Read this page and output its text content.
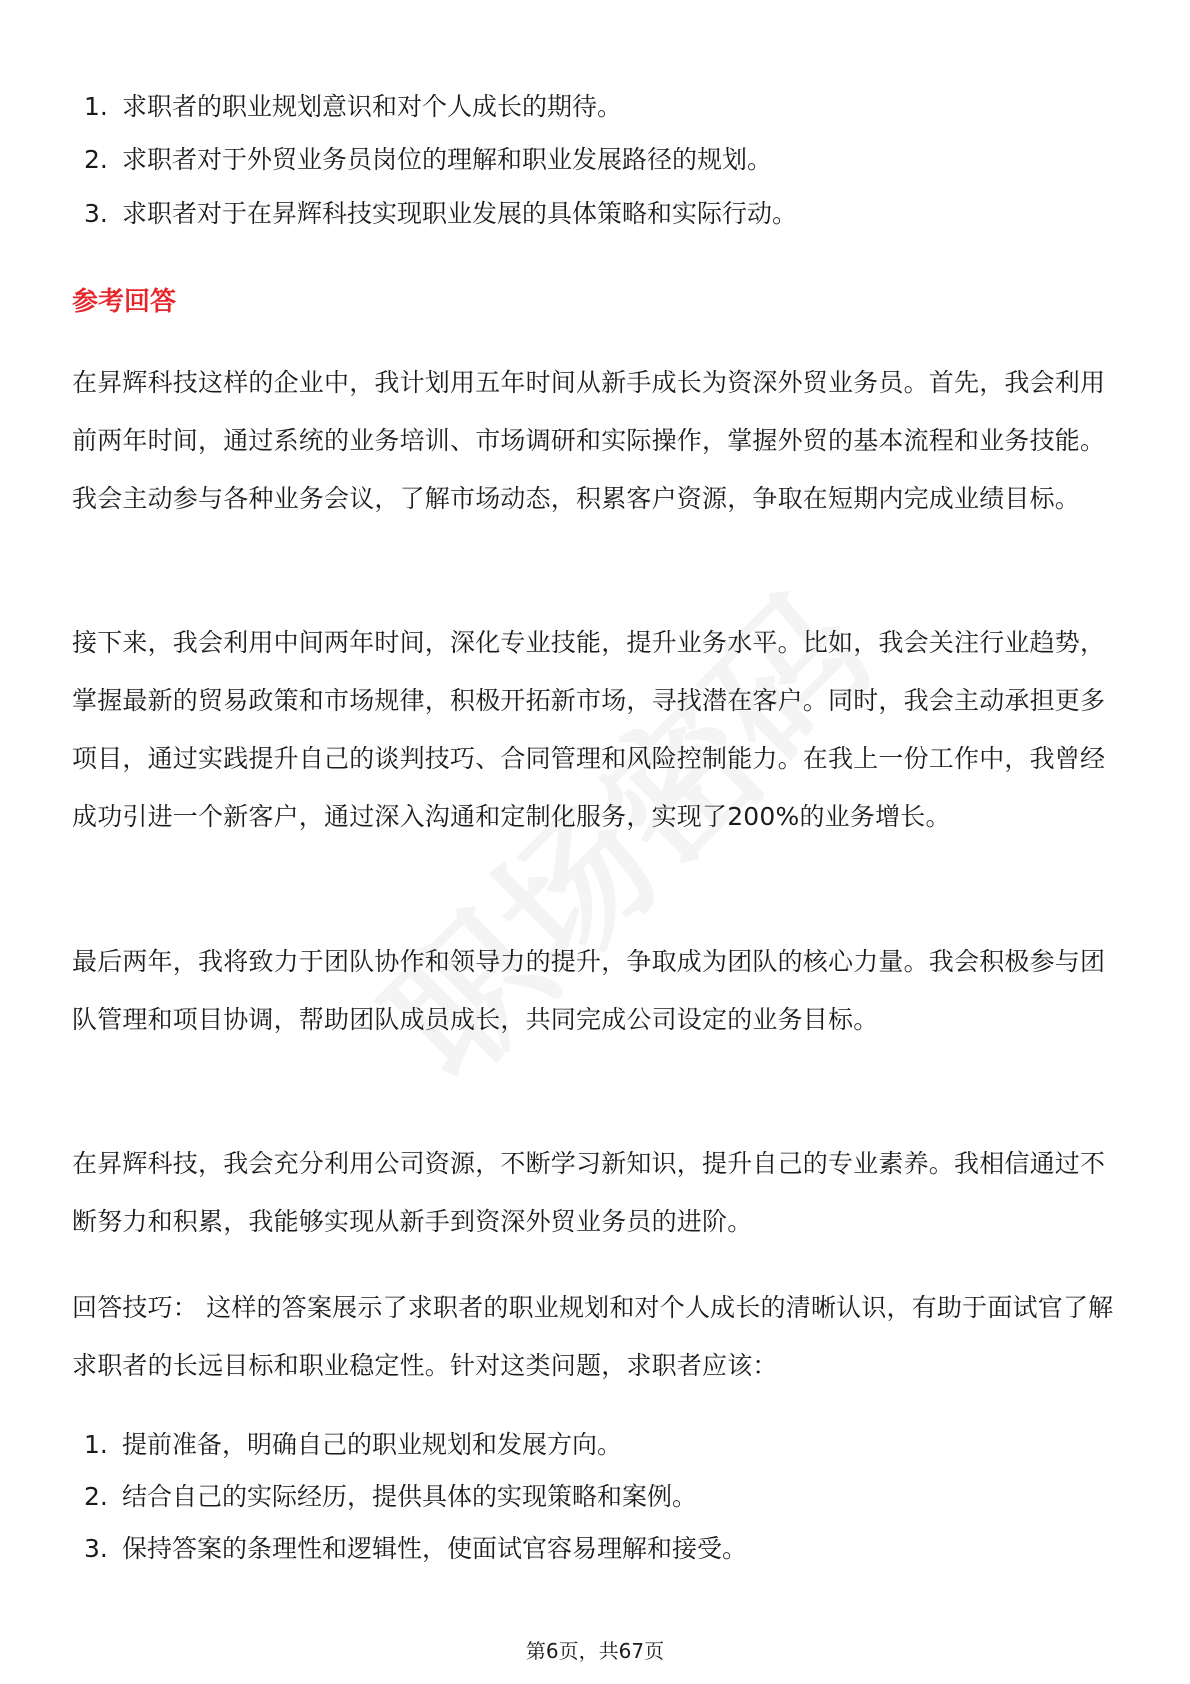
1. 求职者的职业规划意识和对个人成长的期待。
2. 求职者对于外贸业务员岗位的理解和职业发展路径的规划。
3. 求职者对于在昇辉科技实现职业发展的具体策略和实际行动。
参考回答

在昇辉科技这样的企业中，我计划用五年时间从新手成长为资深外贸业务员。首先，我会利用前两年时间，通过系统的业务培训、市场调研和实际操作，掌握外贸的基本流程和业务技能。我会主动参与各种业务会议，了解市场动态，积累客户资源，争取在短期内完成业绩目标。

接下来，我会利用中间两年时间，深化专业技能，提升业务水平。比如，我会关注行业趋势，掌握最新的贸易政策和市场规律，积极开拓新市场，寻找潜在客户。同时，我会主动承担更多项目，通过实践提升自己的谈判技巧、合同管理和风险控制能力。在我上一份工作中，我曾经成功引进一个新客户，通过深入沟通和定制化服务，实现了200%的业务增长。

最后两年，我将致力于团队协作和领导力的提升，争取成为团队的核心力量。我会积极参与团队管理和项目协调，帮助团队成员成长，共同完成公司设定的业务目标。

在昇辉科技，我会充分利用公司资源，不断学习新知识，提升自己的专业素养。我相信通过不断努力和积累，我能够实现从新手到资深外贸业务员的进阶。

回答技巧： 这样的答案展示了求职者的职业规划和对个人成长的清晰认识，有助于面试官了解求职者的长远目标和职业稳定性。针对这类问题，求职者应该：

1. 提前准备，明确自己的职业规划和发展方向。
2. 结合自己的实际经历，提供具体的实现策略和案例。
3. 保持答案的条理性和逻辑性，使面试官容易理解和接受。
第6页，共67页
